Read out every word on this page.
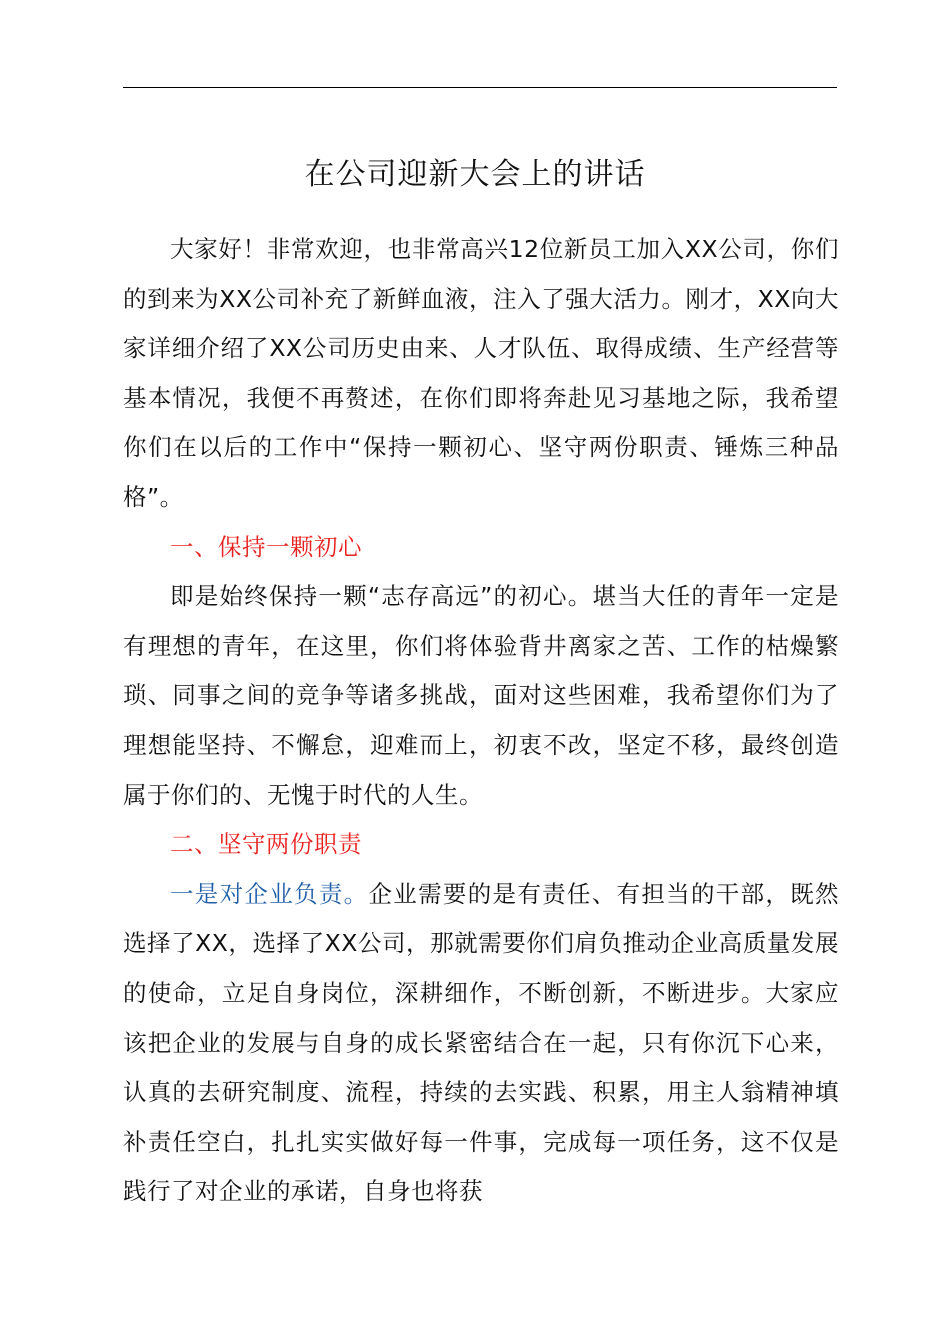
在公司迎新大会上的讲话

大家好！非常欢迎，也非常高兴12位新员工加入XX公司，你们的到来为XX公司补充了新鲜血液，注入了强大活力。刚才，XX向大家详细介绍了XX公司历史由来、人才队伍、取得成绩、生产经营等基本情况，我便不再赘述，在你们即将奔赴见习基地之际，我希望你们在以后的工作中“保持一颗初心、坚守两份职责、锤炼三种品格”。

一、保持一颗初心

即是始终保持一颗“志存高远”的初心。堪当大任的青年一定是有理想的青年，在这里，你们将体验背井离家之苦、工作的枯燥繁琐、同事之间的竞争等诸多挑战，面对这些困难，我希望你们为了理想能坚持、不懈怠，迎难而上，初衷不改，坚定不移，最终创造属于你们的、无愧于时代的人生。

二、坚守两份职责

一是对企业负责。企业需要的是有责任、有担当的干部，既然选择了XX，选择了XX公司，那就需要你们肩负推动企业高质量发展的使命，立足自身岗位，深耕细作，不断创新，不断进步。大家应该把企业的发展与自身的成长紧密结合在一起，只有你沉下心来，认真的去研究制度、流程，持续的去实践、积累，用主人翁精神填补责任空白，扎扎实实做好每一件事，完成每一项任务，这不仅是践行了对企业的承诺，自身也将获
